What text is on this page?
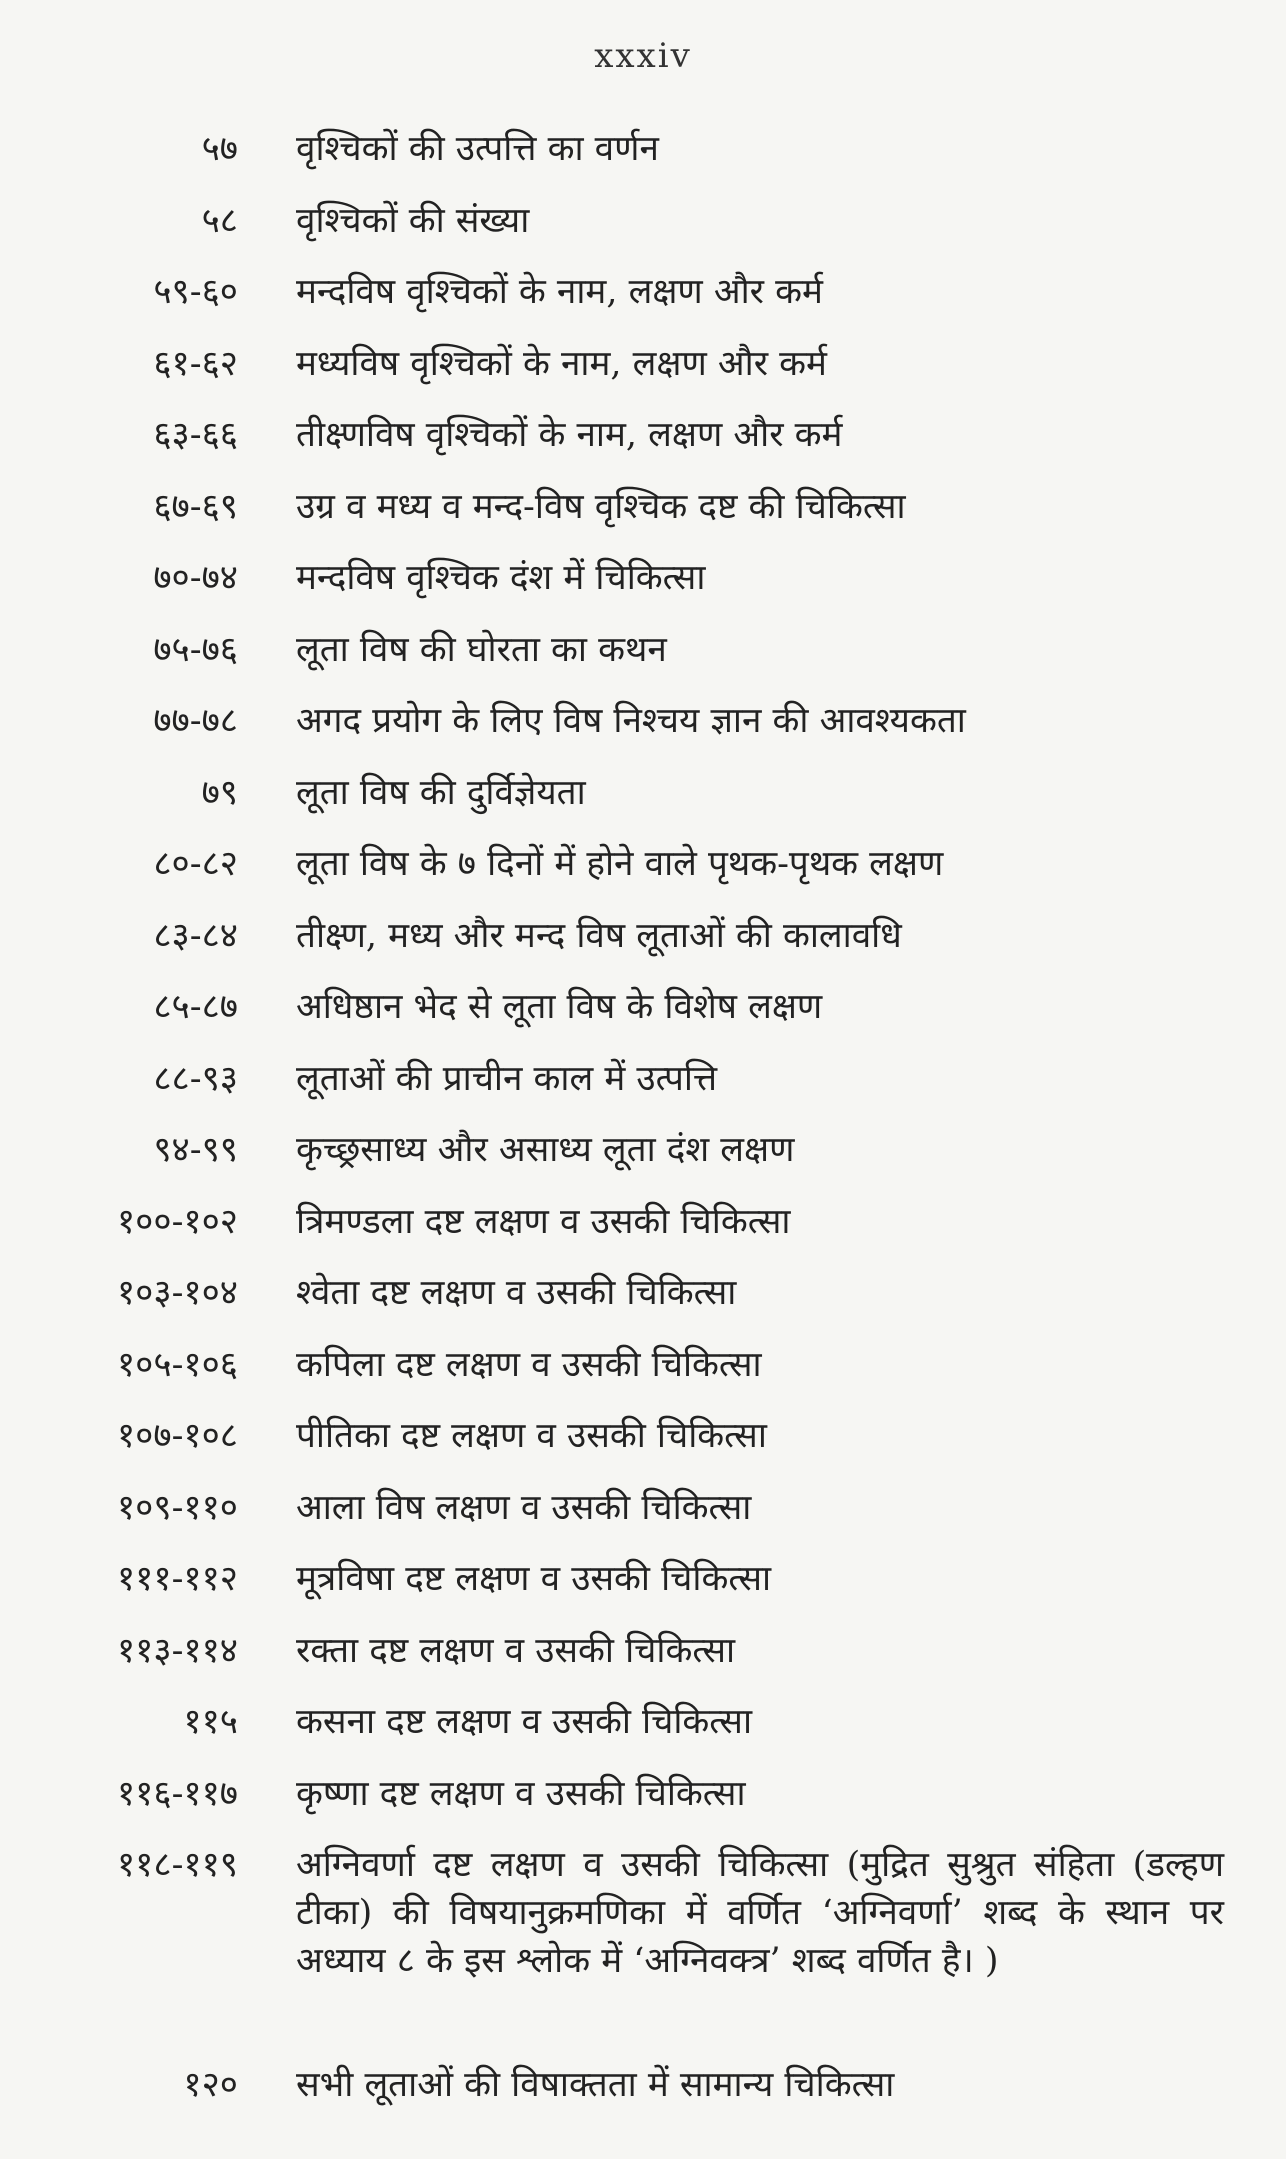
xxxiv
५७ वृश्चिकों की उत्पत्ति का वर्णन
५८ वृश्चिकों की संख्या
५९-६० मन्दविष वृश्चिकों के नाम, लक्षण और कर्म
६१-६२ मध्यविष वृश्चिकों के नाम, लक्षण और कर्म
६३-६६ तीक्ष्णविष वृश्चिकों के नाम, लक्षण और कर्म
६७-६९ उग्र व मध्य व मन्द-विष वृश्चिक दष्ट की चिकित्सा
७०-७४ मन्दविष वृश्चिक दंश में चिकित्सा
७५-७६ लूता विष की घोरता का कथन
७७-७८ अगद प्रयोग के लिए विष निश्चय ज्ञान की आवश्यकता
७९ लूता विष की दुर्विज्ञेयता
८०-८२ लूता विष के ७ दिनों में होने वाले पृथक-पृथक लक्षण
८३-८४ तीक्ष्ण, मध्य और मन्द विष लूताओं की कालावधि
८५-८७ अधिष्ठान भेद से लूता विष के विशेष लक्षण
८८-९३ लूताओं की प्राचीन काल में उत्पत्ति
९४-९९ कृच्छ्रसाध्य और असाध्य लूता दंश लक्षण
१००-१०२ त्रिमण्डला दष्ट लक्षण व उसकी चिकित्सा
१०३-१०४ श्वेता दष्ट लक्षण व उसकी चिकित्सा
१०५-१०६ कपिला दष्ट लक्षण व उसकी चिकित्सा
१०७-१०८ पीतिका दष्ट लक्षण व उसकी चिकित्सा
१०९-११० आला विष लक्षण व उसकी चिकित्सा
१११-११२ मूत्रविषा दष्ट लक्षण व उसकी चिकित्सा
११३-११४ रक्ता दष्ट लक्षण व उसकी चिकित्सा
११५ कसना दष्ट लक्षण व उसकी चिकित्सा
११६-११७ कृष्णा दष्ट लक्षण व उसकी चिकित्सा
११८-११९ अग्निवर्णा दष्ट लक्षण व उसकी चिकित्सा (मुद्रित सुश्रुत संहिता (डल्हण टीका) की विषयानुक्रमणिका में वर्णित ‘अग्निवर्णा’ शब्द के स्थान पर अध्याय ८ के इस श्लोक में ‘अग्निवक्त्र’ शब्द वर्णित है। )
१२० सभी लूताओं की विषाक्तता में सामान्य चिकित्सा
